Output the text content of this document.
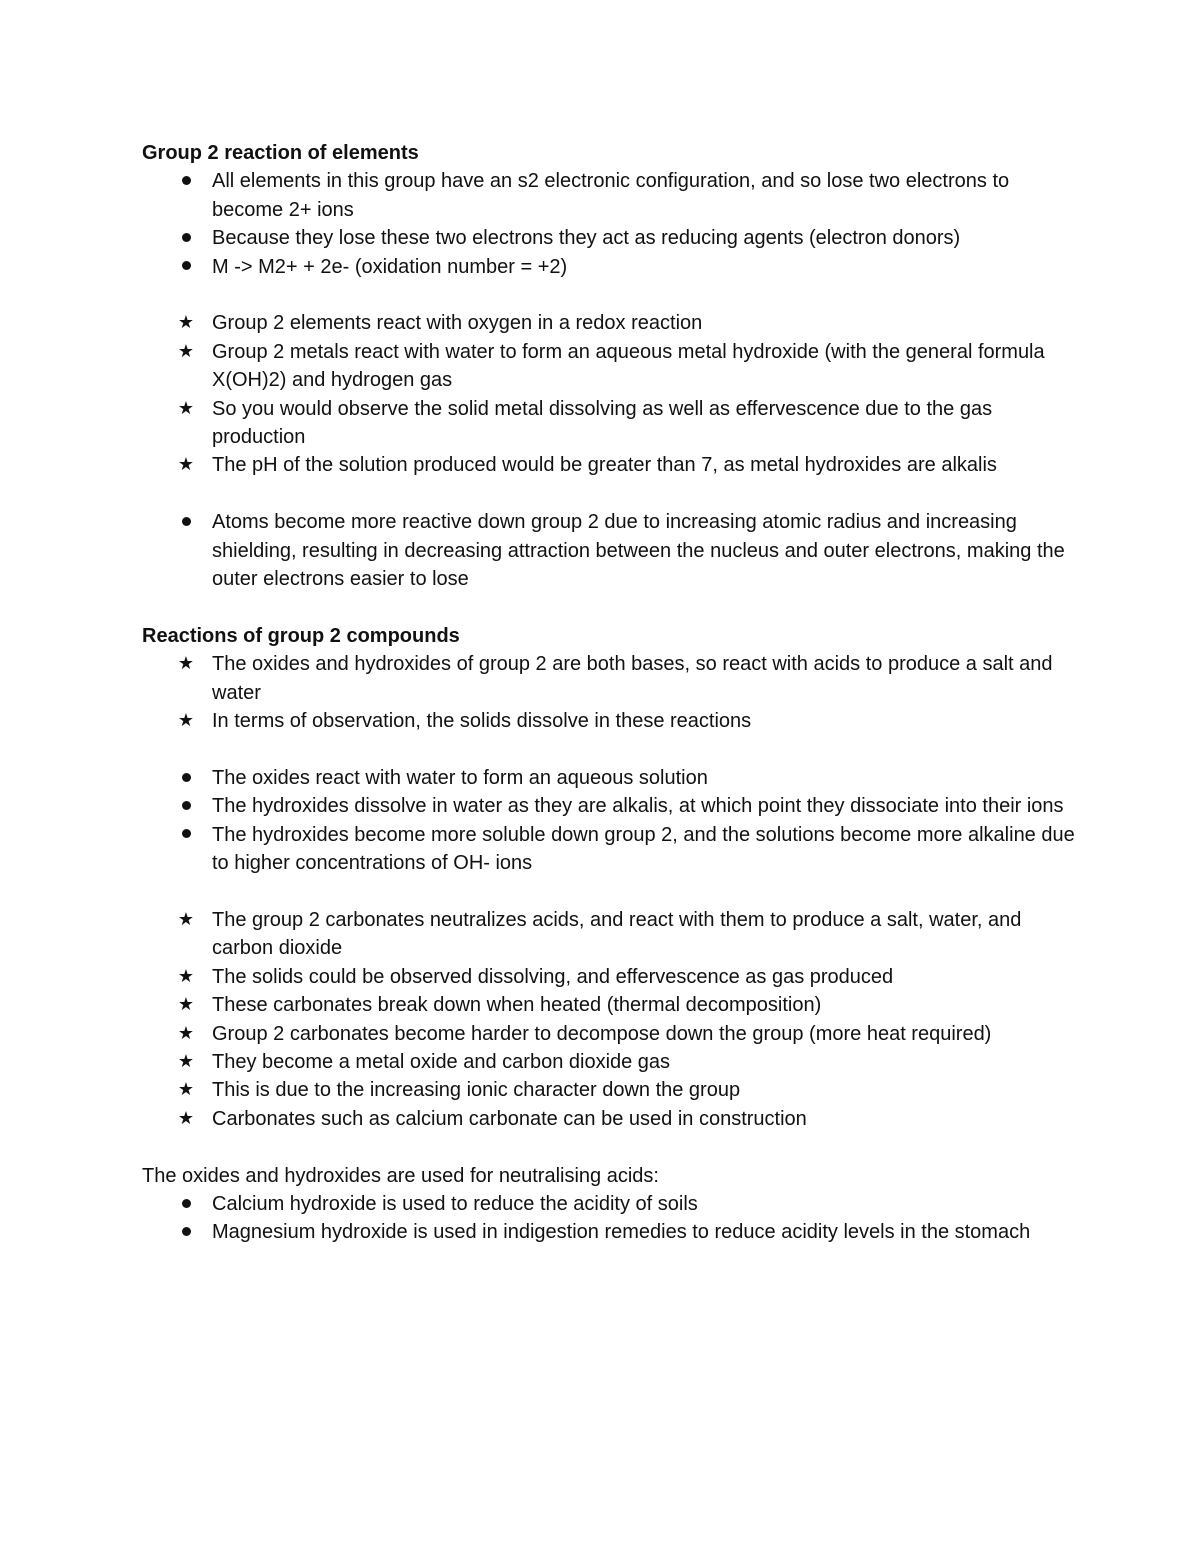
Group 2 reaction of elements

All elements in this group have an s2 electronic configuration, and so lose two electrons to become 2+ ions
Because they lose these two electrons they act as reducing agents (electron donors)
M -> M2+ + 2e- (oxidation number = +2)
★ Group 2 elements react with oxygen in a redox reaction
★ Group 2 metals react with water to form an aqueous metal hydroxide (with the general formula X(OH)2) and hydrogen gas
★ So you would observe the solid metal dissolving as well as effervescence due to the gas production
★ The pH of the solution produced would be greater than 7, as metal hydroxides are alkalis
Atoms become more reactive down group 2 due to increasing atomic radius and increasing shielding, resulting in decreasing attraction between the nucleus and outer electrons, making the outer electrons easier to lose

Reactions of group 2 compounds

★ The oxides and hydroxides of group 2 are both bases, so react with acids to produce a salt and water
★ In terms of observation, the solids dissolve in these reactions
The oxides react with water to form an aqueous solution
The hydroxides dissolve in water as they are alkalis, at which point they dissociate into their ions
The hydroxides become more soluble down group 2, and the solutions become more alkaline due to higher concentrations of OH- ions
★ The group 2 carbonates neutralizes acids, and react with them to produce a salt, water, and carbon dioxide
★ The solids could be observed dissolving, and effervescence as gas produced
★ These carbonates break down when heated (thermal decomposition)
★ Group 2 carbonates become harder to decompose down the group (more heat required)
★ They become a metal oxide and carbon dioxide gas
★ This is due to the increasing ionic character down the group
★ Carbonates such as calcium carbonate can be used in construction

The oxides and hydroxides are used for neutralising acids:

Calcium hydroxide is used to reduce the acidity of soils
Magnesium hydroxide is used in indigestion remedies to reduce acidity levels in the stomach
